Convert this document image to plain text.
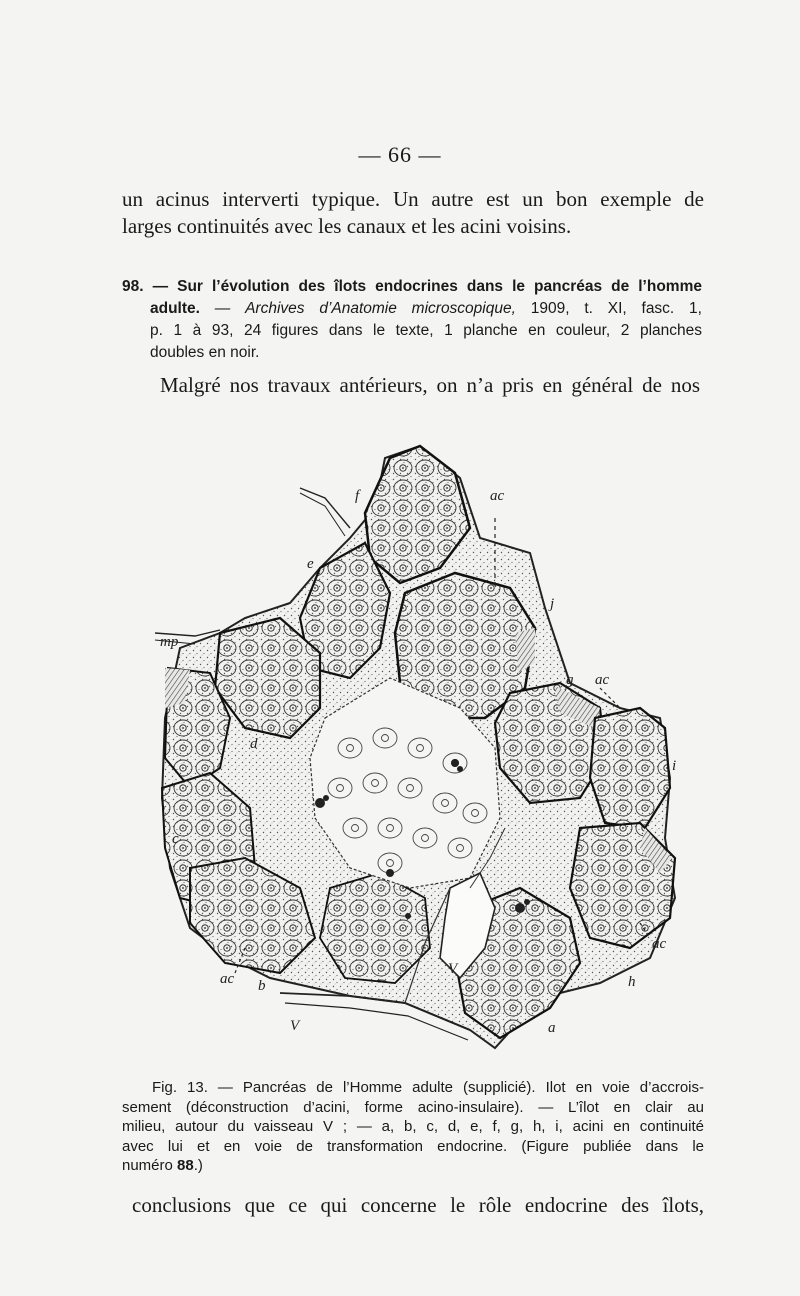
— 66 —
un acinus interverti typique. Un autre est un bon exemple de
larges continuités avec les canaux et les acini voisins.
98. — Sur l’évolution des îlots endocrines dans le pancréas de l’homme
adulte. — Archives d’Anatomie microscopique, 1909, t. XI, fasc. 1,
p. 1 à 93, 24 figures dans le texte, 1 planche en couleur, 2 planches
doubles en noir.
Malgré nos travaux antérieurs, on n’a pris en général de nos
f	ac
e
j
mp
g ac
d
i
c
ac
ac b	h
V
V	a
Fig. 13. — Pancréas de l’Homme adulte (supplicié). Ilot en voie d’accrois-
sement (déconstruction d’acini, forme acino-insulaire). — L’îlot en clair au
milieu, autour du vaisseau V ; — a, b, c, d, e, f, g, h, i, acini en continuité
avec lui et en voie de transformation endocrine. (Figure publiée dans le
numéro 88.)
conclusions que ce qui concerne le rôle endocrine des îlots,
